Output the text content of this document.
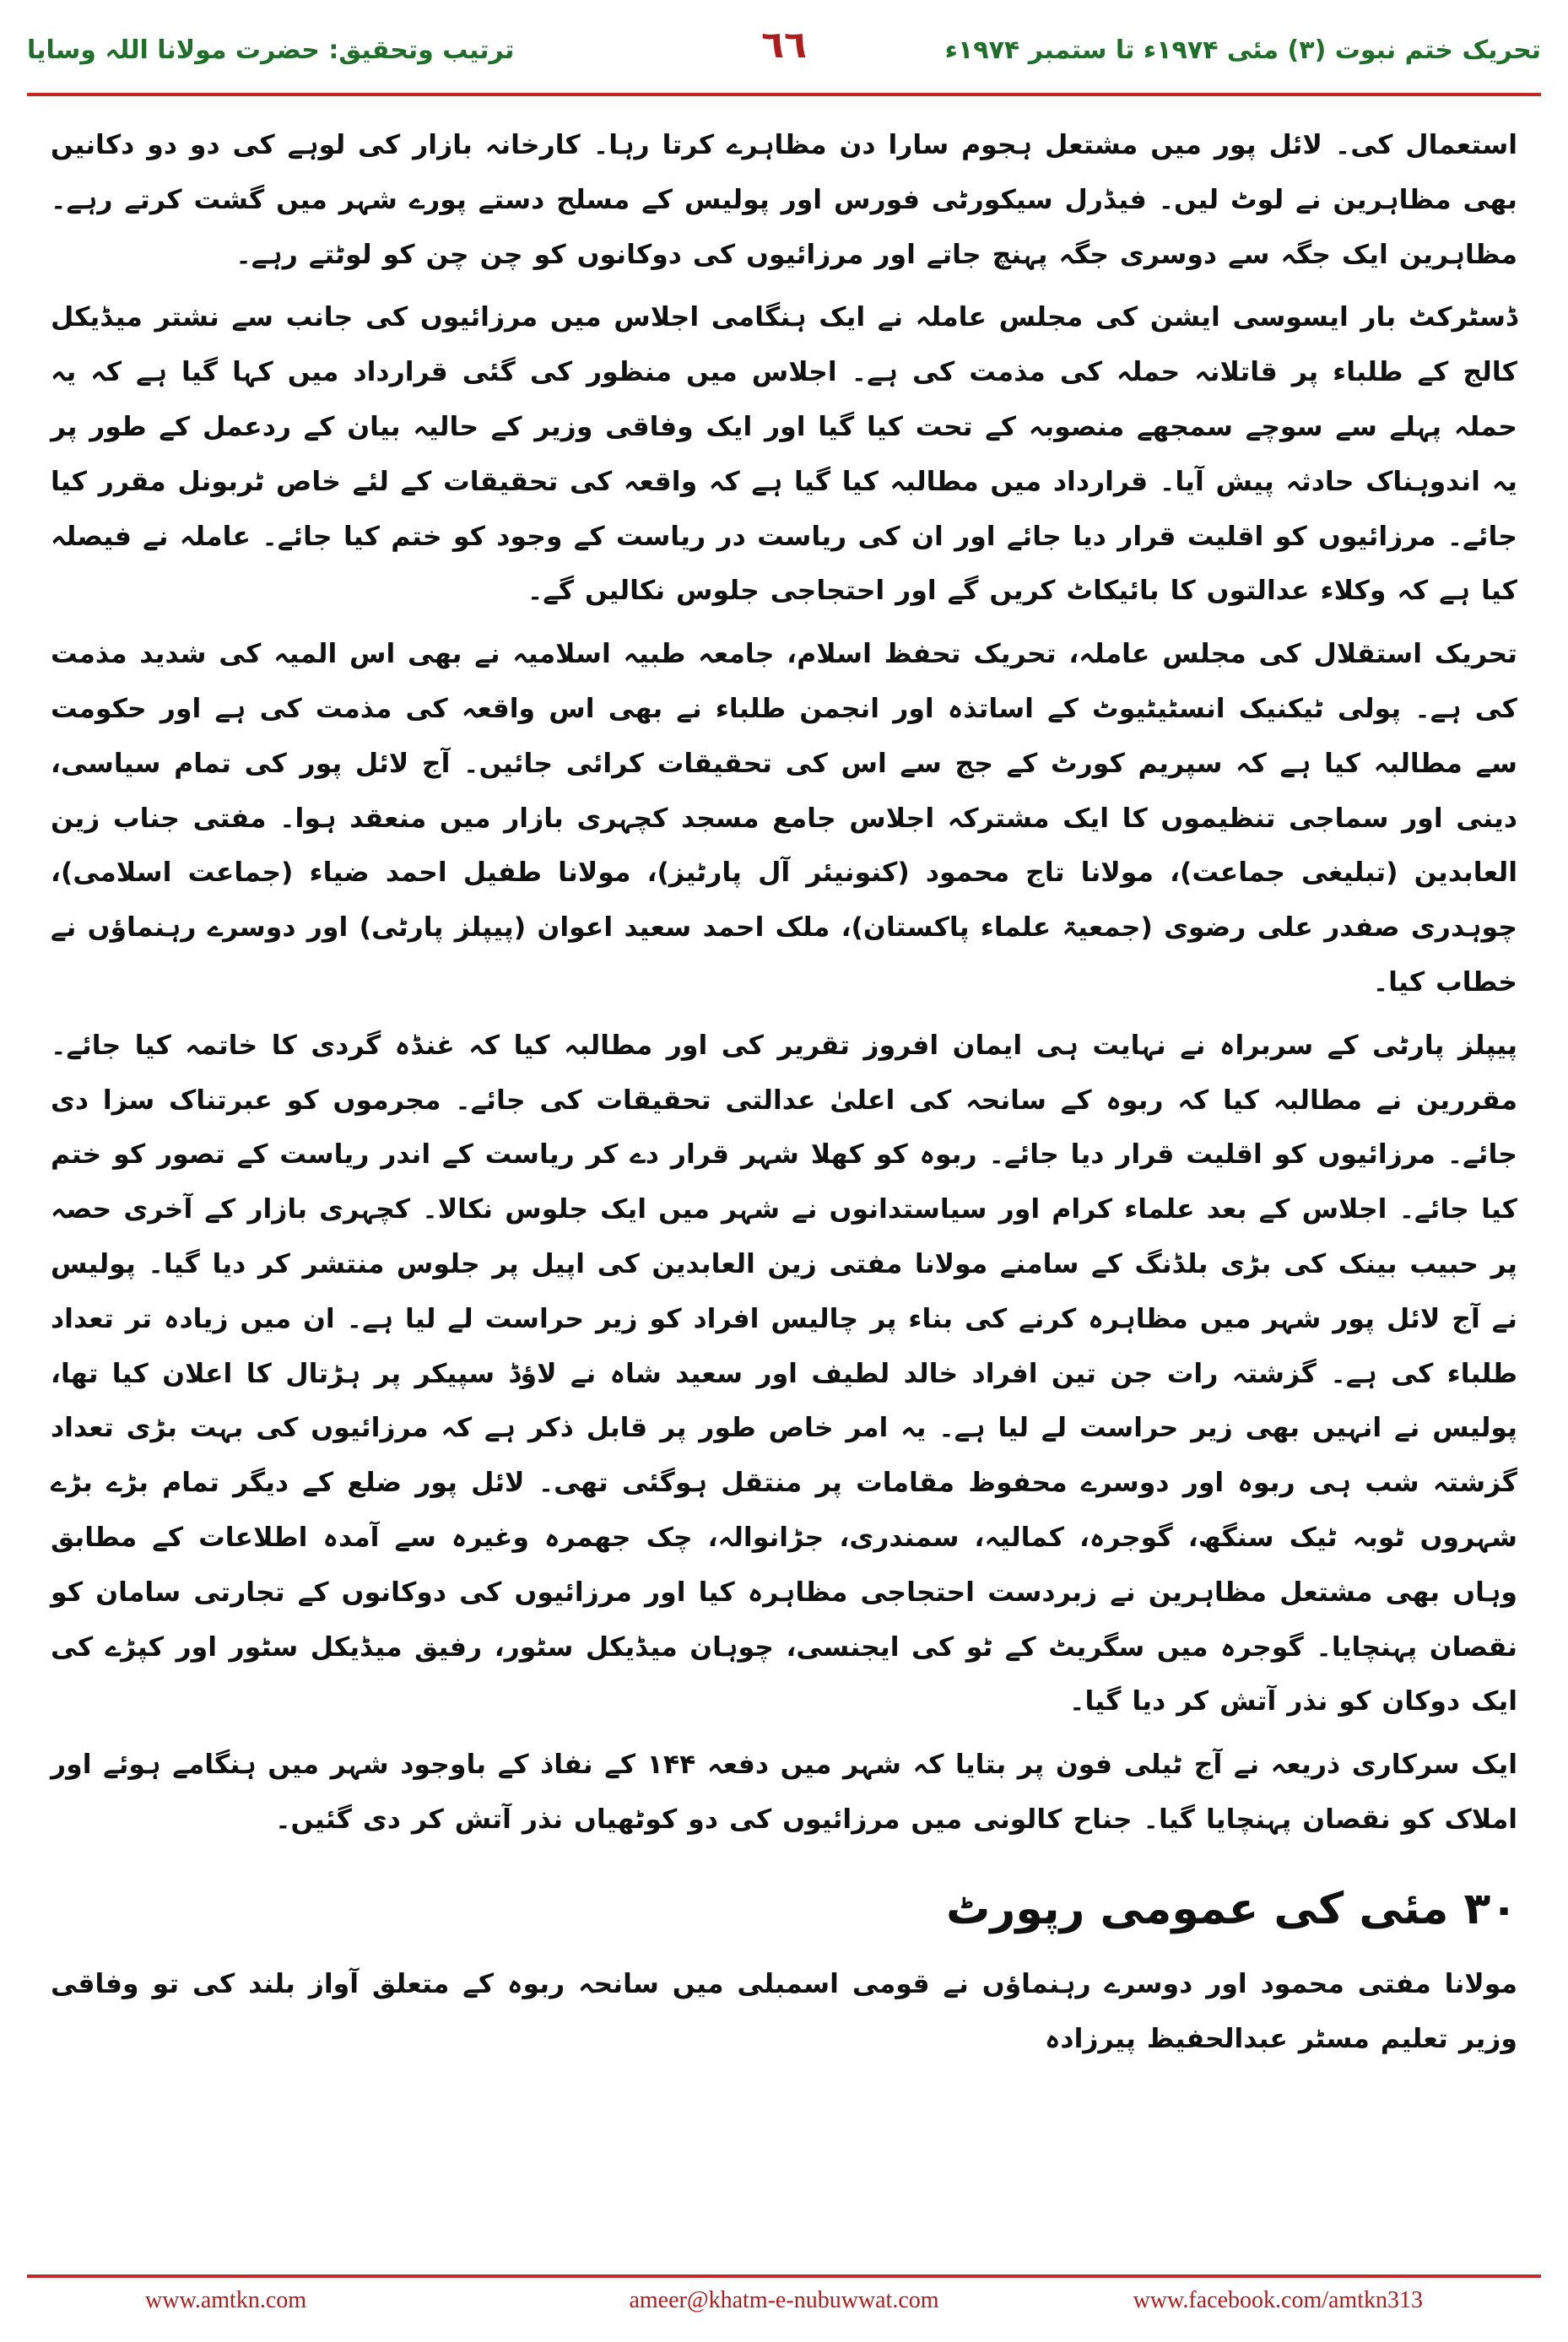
ترتیب وتحقیق: حضرت مولانا اللہ وسایا	٦٦	تحریک ختم نبوت (۳) مئی ۱۹۷۴ء تا ستمبر ۱۹۷۴ء

استعمال کی۔ لائل پور میں مشتعل ہجوم سارا دن مظاہرے کرتا رہا۔ کارخانہ بازار کی لوہے کی دو دو دکانیں بھی مظاہرین نے لوٹ لیں۔ فیڈرل سیکورٹی فورس اور پولیس کے مسلح دستے پورے شہر میں گشت کرتے رہے۔ مظاہرین ایک جگہ سے دوسری جگہ پہنچ جاتے اور مرزائیوں کی دوکانوں کو چن چن کو لوٹتے رہے۔

ڈسٹرکٹ بار ایسوسی ایشن کی مجلس عاملہ نے ایک ہنگامی اجلاس میں مرزائیوں کی جانب سے نشتر میڈیکل کالج کے طلباء پر قاتلانہ حملہ کی مذمت کی ہے۔ اجلاس میں منظور کی گئی قرارداد میں کہا گیا ہے کہ یہ حملہ پہلے سے سوچے سمجھے منصوبہ کے تحت کیا گیا اور ایک وفاقی وزیر کے حالیہ بیان کے ردعمل کے طور پر یہ اندوہناک حادثہ پیش آیا۔ قرارداد میں مطالبہ کیا گیا ہے کہ واقعہ کی تحقیقات کے لئے خاص ٹربونل مقرر کیا جائے۔ مرزائیوں کو اقلیت قرار دیا جائے اور ان کی ریاست در ریاست کے وجود کو ختم کیا جائے۔ عاملہ نے فیصلہ کیا ہے کہ وکلاء عدالتوں کا بائیکاٹ کریں گے اور احتجاجی جلوس نکالیں گے۔

تحریک استقلال کی مجلس عاملہ، تحریک تحفظ اسلام، جامعہ طبیہ اسلامیہ نے بھی اس المیہ کی شدید مذمت کی ہے۔ پولی ٹیکنیک انسٹیٹیوٹ کے اساتذہ اور انجمن طلباء نے بھی اس واقعہ کی مذمت کی ہے اور حکومت سے مطالبہ کیا ہے کہ سپریم کورٹ کے جج سے اس کی تحقیقات کرائی جائیں۔ آج لائل پور کی تمام سیاسی، دینی اور سماجی تنظیموں کا ایک مشترکہ اجلاس جامع مسجد کچہری بازار میں منعقد ہوا۔ مفتی جناب زین العابدین (تبلیغی جماعت)، مولانا تاج محمود (کنونیئر آل پارٹیز)، مولانا طفیل احمد ضیاء (جماعت اسلامی)، چوہدری صفدر علی رضوی (جمعیۃ علماء پاکستان)، ملک احمد سعید اعوان (پیپلز پارٹی) اور دوسرے رہنماؤں نے خطاب کیا۔

پیپلز پارٹی کے سربراہ نے نہایت ہی ایمان افروز تقریر کی اور مطالبہ کیا کہ غنڈہ گردی کا خاتمہ کیا جائے۔ مقررین نے مطالبہ کیا کہ ربوہ کے سانحہ کی اعلیٰ عدالتی تحقیقات کی جائے۔ مجرموں کو عبرتناک سزا دی جائے۔ مرزائیوں کو اقلیت قرار دیا جائے۔ ربوہ کو کھلا شہر قرار دے کر ریاست کے اندر ریاست کے تصور کو ختم کیا جائے۔ اجلاس کے بعد علماء کرام اور سیاستدانوں نے شہر میں ایک جلوس نکالا۔ کچہری بازار کے آخری حصہ پر حبیب بینک کی بڑی بلڈنگ کے سامنے مولانا مفتی زین العابدین کی اپیل پر جلوس منتشر کر دیا گیا۔ پولیس نے آج لائل پور شہر میں مظاہرہ کرنے کی بناء پر چالیس افراد کو زیر حراست لے لیا ہے۔ ان میں زیادہ تر تعداد طلباء کی ہے۔ گزشتہ رات جن تین افراد خالد لطیف اور سعید شاہ نے لاؤڈ سپیکر پر ہڑتال کا اعلان کیا تھا، پولیس نے انہیں بھی زیر حراست لے لیا ہے۔ یہ امر خاص طور پر قابل ذکر ہے کہ مرزائیوں کی بہت بڑی تعداد گزشتہ شب ہی ربوہ اور دوسرے محفوظ مقامات پر منتقل ہوگئی تھی۔ لائل پور ضلع کے دیگر تمام بڑے بڑے شہروں ٹوبہ ٹیک سنگھ، گوجرہ، کمالیہ، سمندری، جڑانوالہ، چک جھمرہ وغیرہ سے آمدہ اطلاعات کے مطابق وہاں بھی مشتعل مظاہرین نے زبردست احتجاجی مظاہرہ کیا اور مرزائیوں کی دوکانوں کے تجارتی سامان کو نقصان پہنچایا۔ گوجرہ میں سگریٹ کے ٹو کی ایجنسی، چوہان میڈیکل سٹور، رفیق میڈیکل سٹور اور کپڑے کی ایک دوکان کو نذر آتش کر دیا گیا۔

ایک سرکاری ذریعہ نے آج ٹیلی فون پر بتایا کہ شہر میں دفعہ ۱۴۴ کے نفاذ کے باوجود شہر میں ہنگامے ہوئے اور املاک کو نقصان پہنچایا گیا۔ جناح کالونی میں مرزائیوں کی دو کوٹھیاں نذر آتش کر دی گئیں۔

۳۰ مئی کی عمومی رپورٹ

مولانا مفتی محمود اور دوسرے رہنماؤں نے قومی اسمبلی میں سانحہ ربوہ کے متعلق آواز بلند کی تو وفاقی وزیر تعلیم مسٹر عبدالحفیظ پیرزادہ

www.amtkn.com	ameer@khatm-e-nubuwwat.com	www.facebook.com/amtkn313
